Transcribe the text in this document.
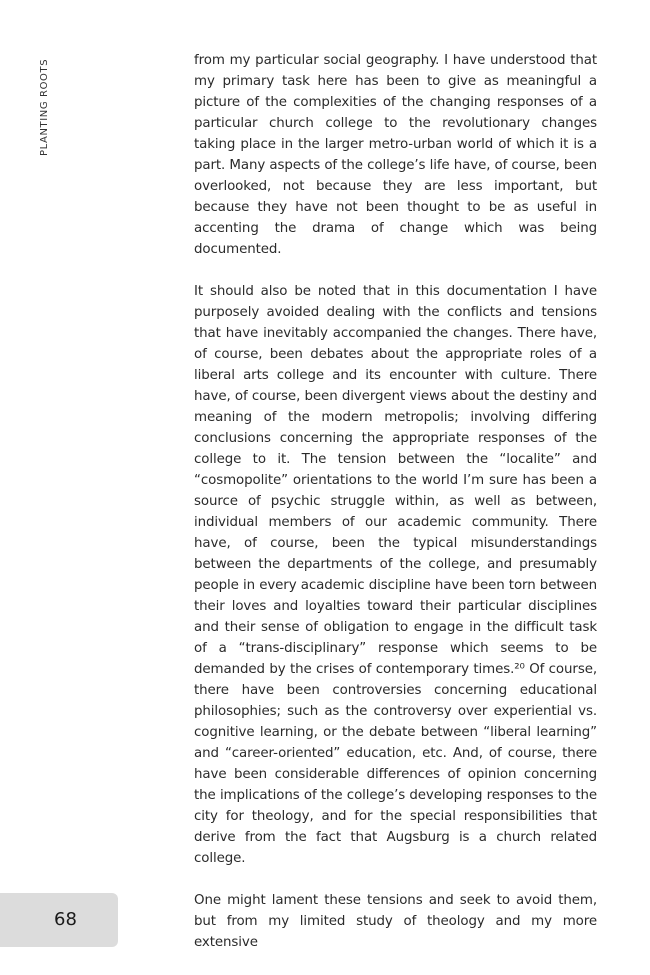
PLANTING ROOTS	from my particular social geography. I have understood that my primary task here has been to give as meaningful a picture of the complexities of the changing responses of a particular church college to the revolutionary changes taking place in the larger metro-urban world of which it is a part. Many aspects of the college’s life have, of course, been overlooked, not because they are less important, but because they have not been thought to be as useful in accenting the drama of change which was being documented.

It should also be noted that in this documentation I have purposely avoided dealing with the conflicts and tensions that have inevitably accompanied the changes. There have, of course, been debates about the appropriate roles of a liberal arts college and its encounter with culture. There have, of course, been divergent views about the destiny and meaning of the modern metropolis; involving differing conclusions concerning the appropriate responses of the college to it. The tension between the “localite” and “cosmopolite” orientations to the world I’m sure has been a source of psychic struggle within, as well as between, individual members of our academic community. There have, of course, been the typical misunderstandings between the departments of the college, and presumably people in every academic discipline have been torn between their loves and loyalties toward their particular disciplines and their sense of obligation to engage in the difficult task of a “trans-disciplinary” response which seems to be demanded by the crises of contemporary times.²⁰ Of course, there have been controversies concerning educational philosophies; such as the controversy over experiential vs. cognitive learning, or the debate between “liberal learning” and “career-oriented” education, etc. And, of course, there have been considerable differences of opinion concerning the implications of the college’s developing responses to the city for theology, and for the special responsibilities that derive from the fact that Augsburg is a church related college.

One might lament these tensions and seek to avoid them, but from my limited study of theology and my more extensive

68
